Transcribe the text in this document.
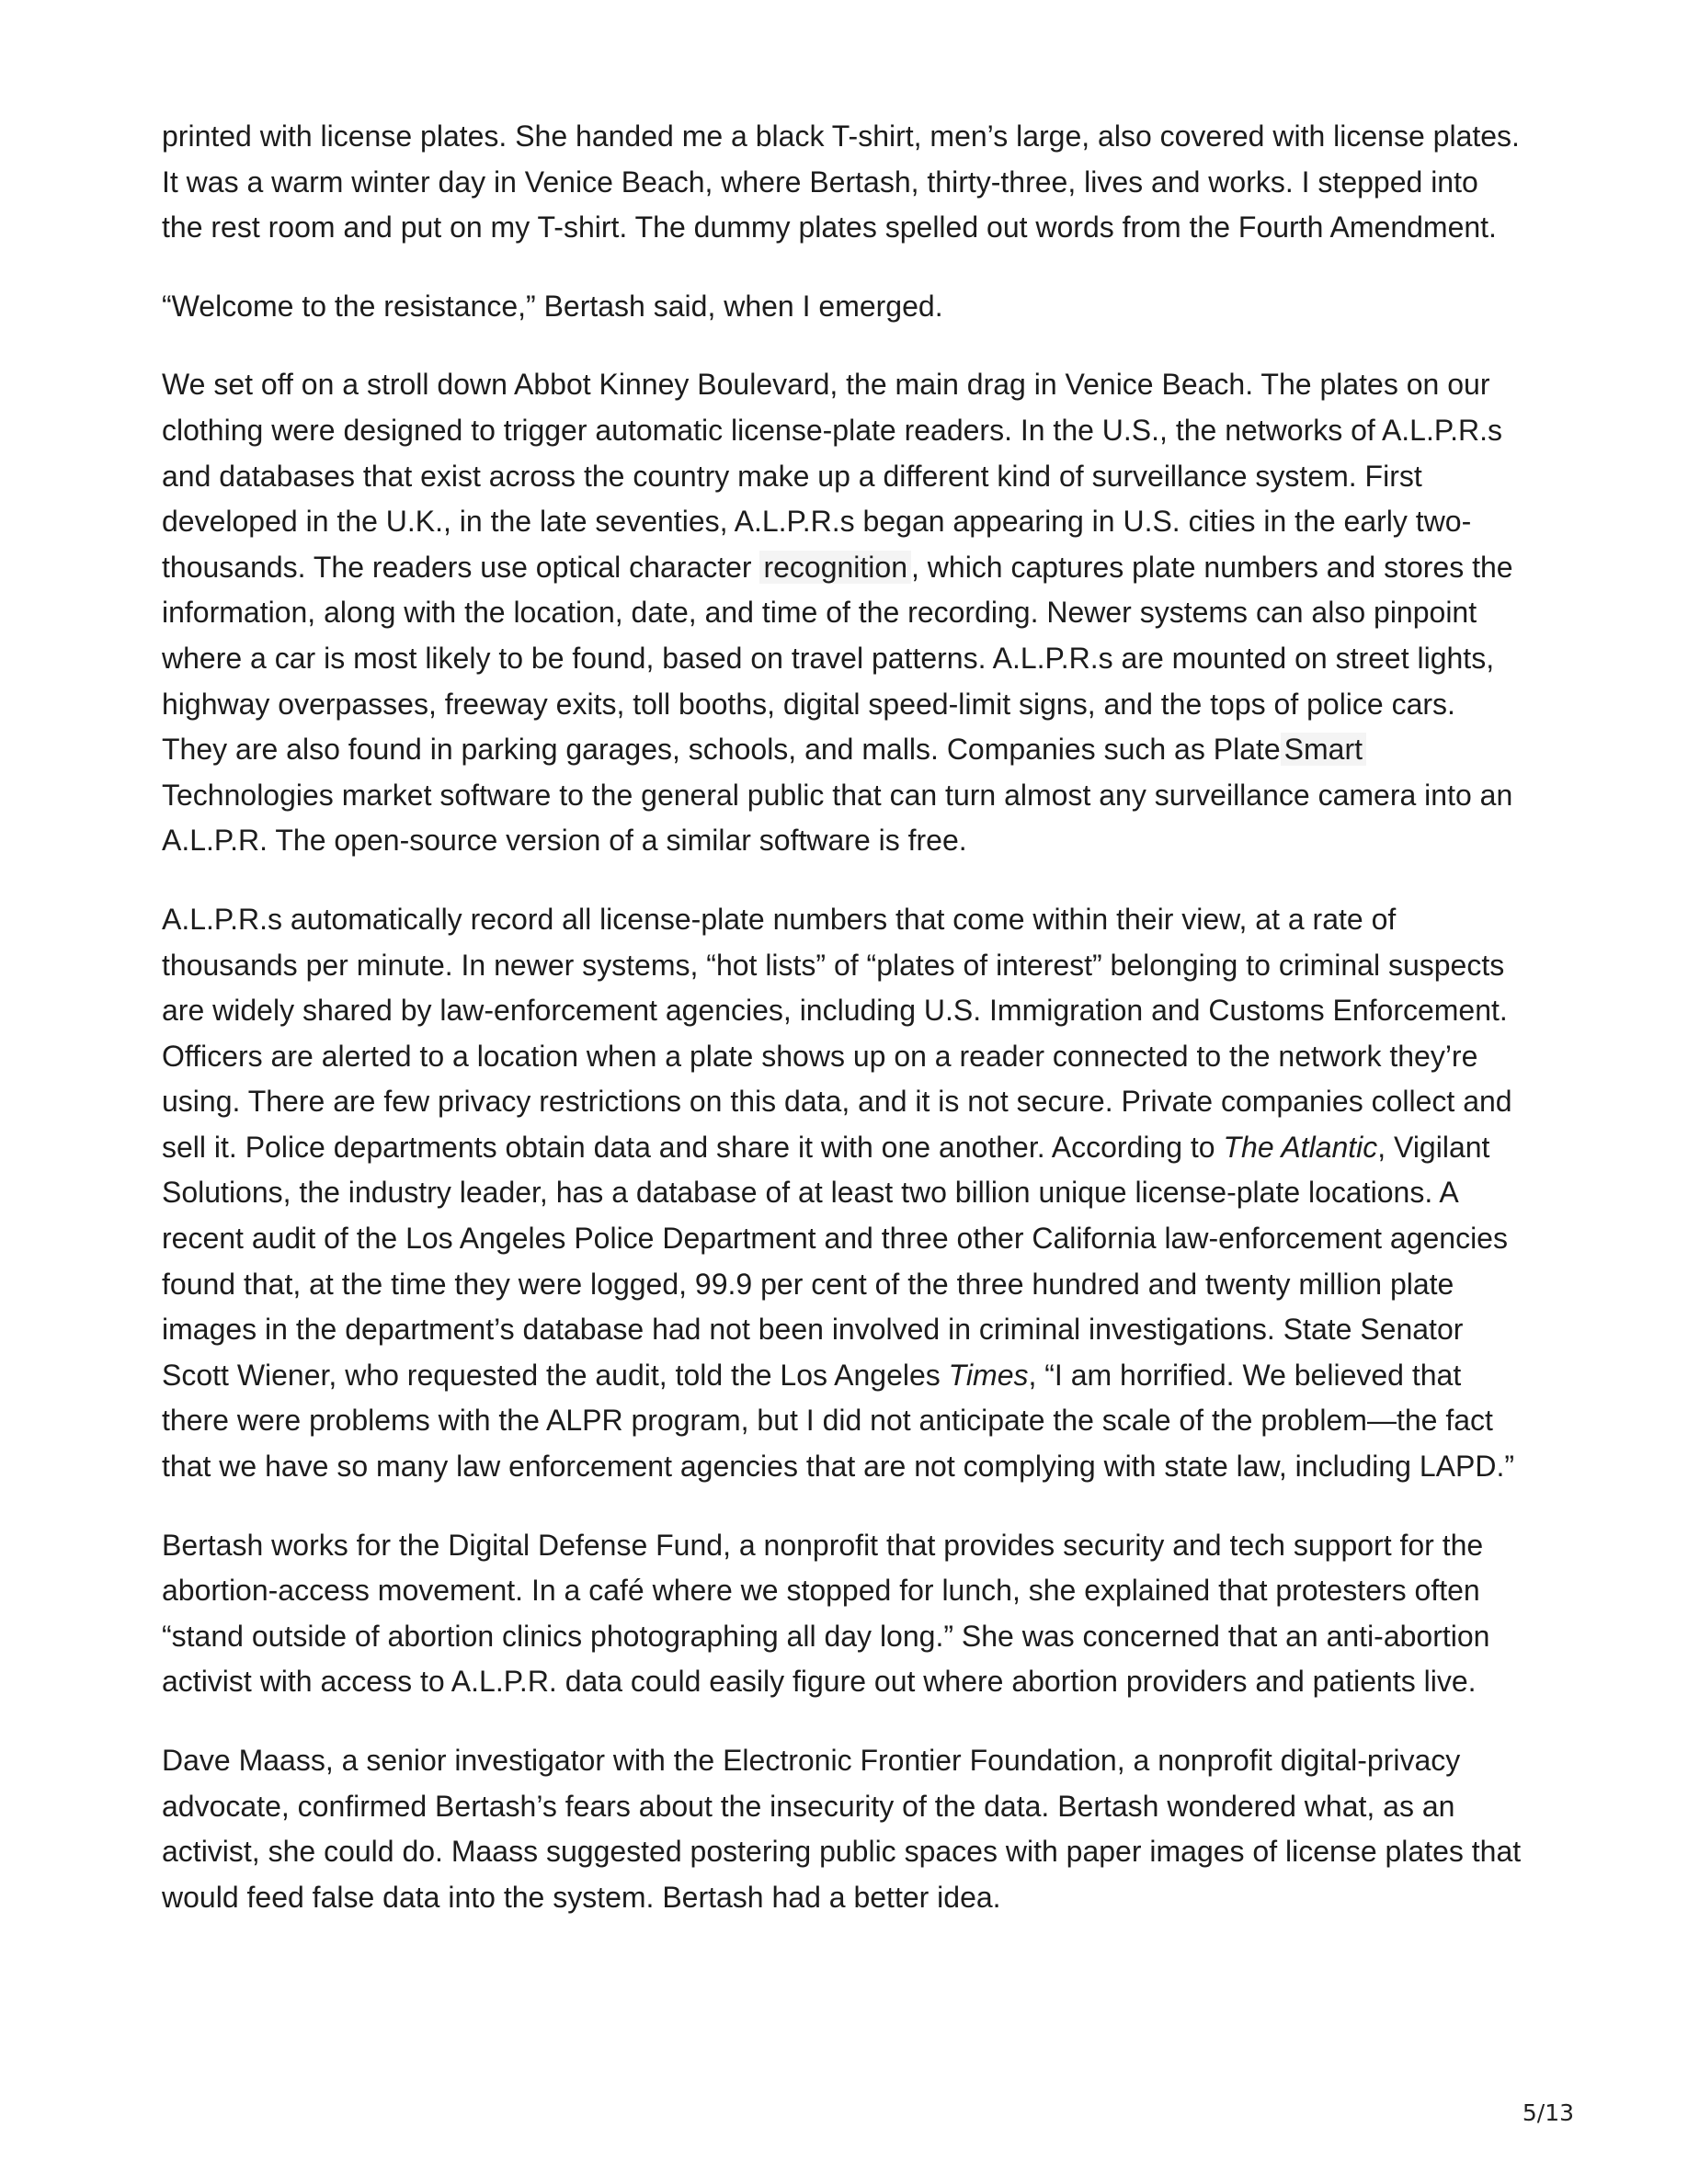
printed with license plates. She handed me a black T-shirt, men’s large, also covered with license plates. It was a warm winter day in Venice Beach, where Bertash, thirty-three, lives and works. I stepped into the rest room and put on my T-shirt. The dummy plates spelled out words from the Fourth Amendment.

“Welcome to the resistance,” Bertash said, when I emerged.

We set off on a stroll down Abbot Kinney Boulevard, the main drag in Venice Beach. The plates on our clothing were designed to trigger automatic license-plate readers. In the U.S., the networks of A.L.P.R.s and databases that exist across the country make up a different kind of surveillance system. First developed in the U.K., in the late seventies, A.L.P.R.s began appearing in U.S. cities in the early two-thousands. The readers use optical character recognition , which captures plate numbers and stores the information, along with the location, date, and time of the recording. Newer systems can also pinpoint where a car is most likely to be found, based on travel patterns. A.L.P.R.s are mounted on street lights, highway overpasses, freeway exits, toll booths, digital speed-limit signs, and the tops of police cars. They are also found in parking garages, schools, and malls. Companies such as Plate Smart Technologies market software to the general public that can turn almost any surveillance camera into an A.L.P.R. The open-source version of a similar software is free.

A.L.P.R.s automatically record all license-plate numbers that come within their view, at a rate of thousands per minute. In newer systems, “hot lists” of “plates of interest” belonging to criminal suspects are widely shared by law-enforcement agencies, including U.S. Immigration and Customs Enforcement. Officers are alerted to a location when a plate shows up on a reader connected to the network they’re using. There are few privacy restrictions on this data, and it is not secure. Private companies collect and sell it. Police departments obtain data and share it with one another. According to The Atlantic, Vigilant Solutions, the industry leader, has a database of at least two billion unique license-plate locations. A recent audit of the Los Angeles Police Department and three other California law-enforcement agencies found that, at the time they were logged, 99.9 per cent of the three hundred and twenty million plate images in the department’s database had not been involved in criminal investigations. State Senator Scott Wiener, who requested the audit, told the Los Angeles Times, “I am horrified. We believed that there were problems with the ALPR program, but I did not anticipate the scale of the problem—the fact that we have so many law enforcement agencies that are not complying with state law, including LAPD.”

Bertash works for the Digital Defense Fund, a nonprofit that provides security and tech support for the abortion-access movement. In a café where we stopped for lunch, she explained that protesters often “stand outside of abortion clinics photographing all day long.” She was concerned that an anti-abortion activist with access to A.L.P.R. data could easily figure out where abortion providers and patients live.

Dave Maass, a senior investigator with the Electronic Frontier Foundation, a nonprofit digital-privacy advocate, confirmed Bertash’s fears about the insecurity of the data. Bertash wondered what, as an activist, she could do. Maass suggested postering public spaces with paper images of license plates that would feed false data into the system. Bertash had a better idea.

5/13
